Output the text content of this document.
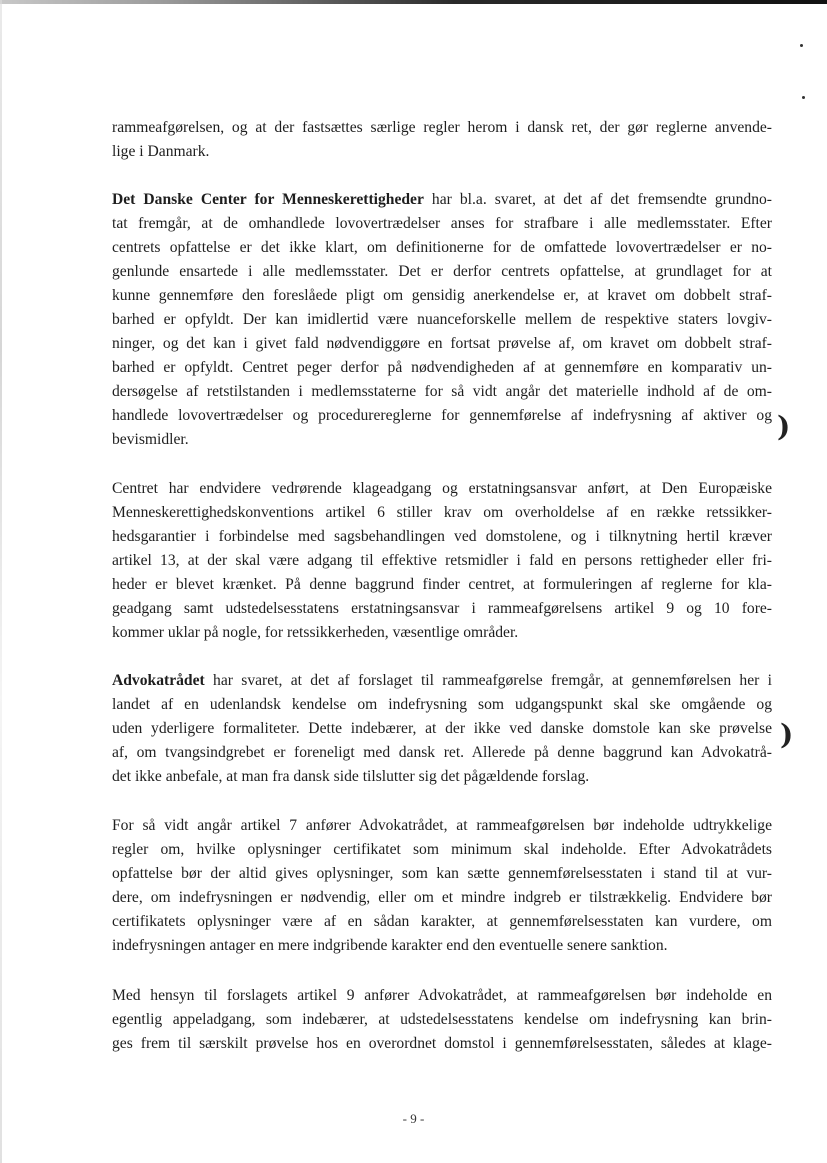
rammeafgørelsen, og at der fastsættes særlige regler herom i dansk ret, der gør reglerne anvende-
lige i Danmark.
Det Danske Center for Menneskerettigheder har bl.a. svaret, at det af det fremsendte grundno-
tat fremgår, at de omhandlede lovovertrædelser anses for strafbare i alle medlemsstater. Efter
centrets opfattelse er det ikke klart, om definitionerne for de omfattede lovovertrædelser er no-
genlunde ensartede i alle medlemsstater. Det er derfor centrets opfattelse, at grundlaget for at
kunne gennemføre den foreslåede pligt om gensidig anerkendelse er, at kravet om dobbelt straf-
barhed er opfyldt. Der kan imidlertid være nuanceforskelle mellem de respektive staters lovgiv-
ninger, og det kan i givet fald nødvendiggøre en fortsat prøvelse af, om kravet om dobbelt straf-
barhed er opfyldt. Centret peger derfor på nødvendigheden af at gennemføre en komparativ un-
dersøgelse af retstilstanden i medlemsstaterne for så vidt angår det materielle indhold af de om-
handlede lovovertrædelser og procedurereglerne for gennemførelse af indefrysning af aktiver og
bevismidler.	)
Centret har endvidere vedrørende klageadgang og erstatningsansvar anført, at Den Europæiske
Menneskerettighedskonventions artikel 6 stiller krav om overholdelse af en række retssikker-
hedsgarantier i forbindelse med sagsbehandlingen ved domstolene, og i tilknytning hertil kræver
artikel 13, at der skal være adgang til effektive retsmidler i fald en persons rettigheder eller fri-
heder er blevet krænket. På denne baggrund finder centret, at formuleringen af reglerne for kla-
geadgang samt udstedelsesstatens erstatningsansvar i rammeafgørelsens artikel 9 og 10 fore-
kommer uklar på nogle, for retssikkerheden, væsentlige områder.
Advokatrådet har svaret, at det af forslaget til rammeafgørelse fremgår, at gennemførelsen her i
landet af en udenlandsk kendelse om indefrysning som udgangspunkt skal ske omgående og
uden yderligere formaliteter. Dette indebærer, at der ikke ved danske domstole kan ske prøvelse
af, om tvangsindgrebet er foreneligt med dansk ret. Allerede på denne baggrund kan Advokatrå-
det ikke anbefale, at man fra dansk side tilslutter sig det pågældende forslag.
)
For så vidt angår artikel 7 anfører Advokatrådet, at rammeafgørelsen bør indeholde udtrykkelige
regler om, hvilke oplysninger certifikatet som minimum skal indeholde. Efter Advokatrådets
opfattelse bør der altid gives oplysninger, som kan sætte gennemførelsesstaten i stand til at vur-
dere, om indefrysningen er nødvendig, eller om et mindre indgreb er tilstrækkelig. Endvidere bør
certifikatets oplysninger være af en sådan karakter, at gennemførelsesstaten kan vurdere, om
indefrysningen antager en mere indgribende karakter end den eventuelle senere sanktion.
Med hensyn til forslagets artikel 9 anfører Advokatrådet, at rammeafgørelsen bør indeholde en
egentlig appeladgang, som indebærer, at udstedelsesstatens kendelse om indefrysning kan brin-
ges frem til særskilt prøvelse hos en overordnet domstol i gennemførelsesstaten, således at klage-
- 9 -
